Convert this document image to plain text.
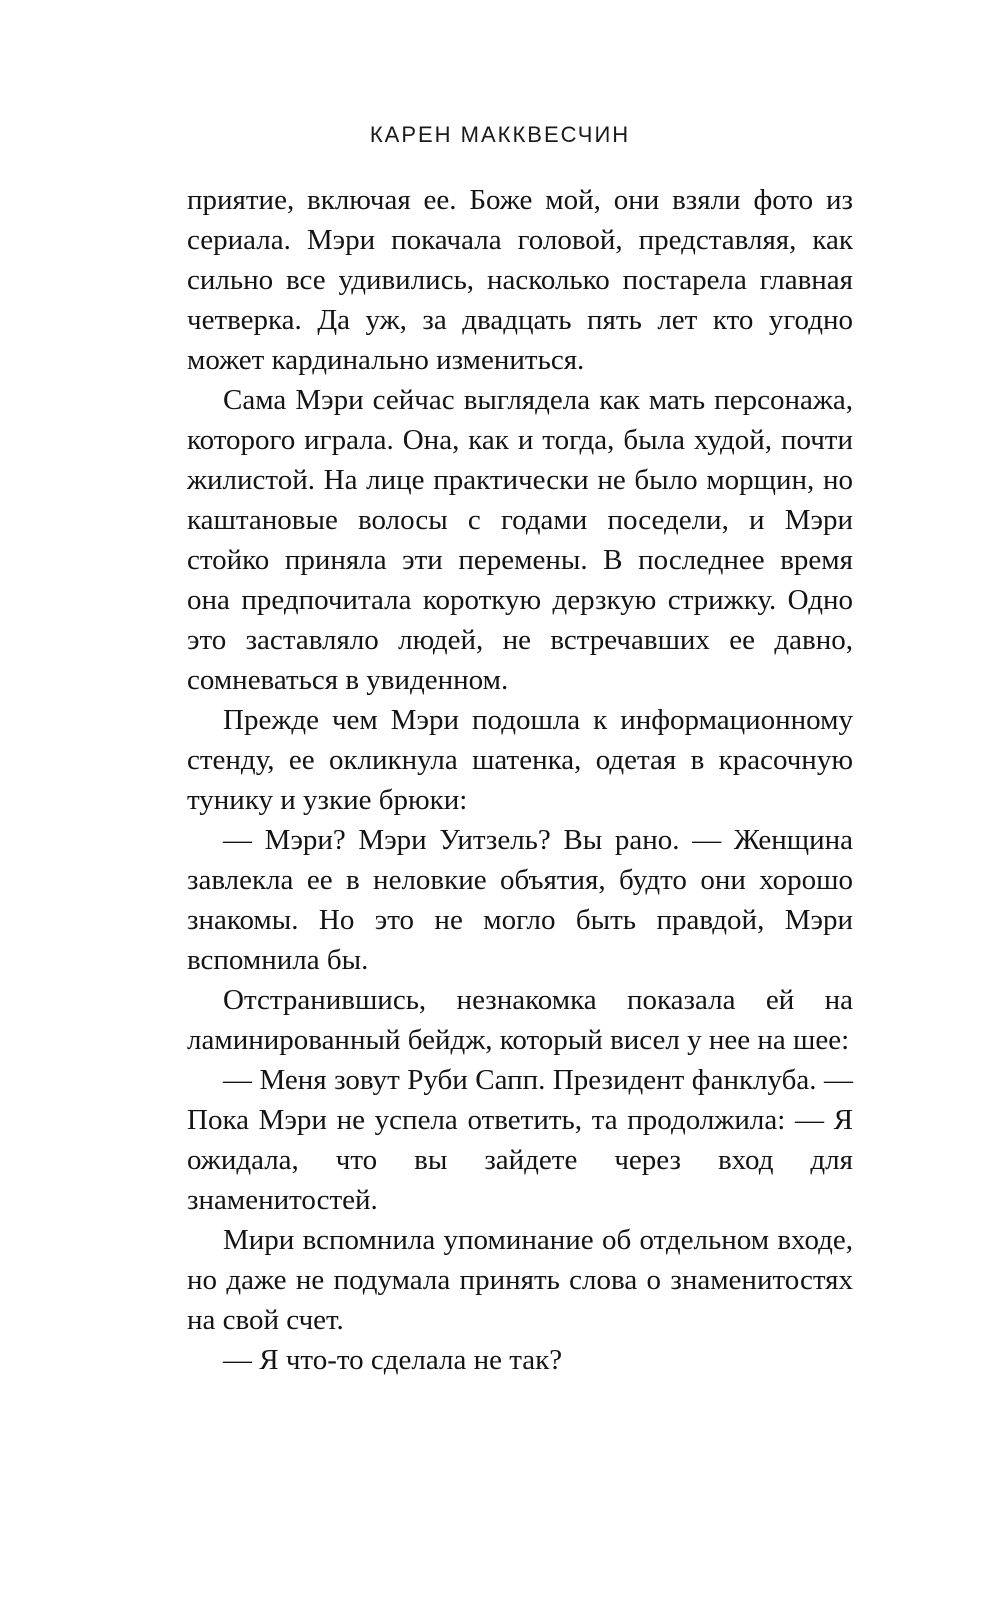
КАРЕН МАККВЕСЧИН

приятие, включая ее. Боже мой, они взяли фото из сериала. Мэри покачала головой, представляя, как сильно все удивились, насколько постарела главная четверка. Да уж, за двадцать пять лет кто угодно может кардинально измениться.

Сама Мэри сейчас выглядела как мать персонажа, которого играла. Она, как и тогда, была худой, почти жилистой. На лице практически не было морщин, но каштановые волосы с годами поседели, и Мэри стойко приняла эти перемены. В последнее время она предпочитала короткую дерзкую стрижку. Одно это заставляло людей, не встречавших ее давно, сомневаться в увиденном.

Прежде чем Мэри подошла к информационному стенду, ее окликнула шатенка, одетая в красочную тунику и узкие брюки:

— Мэри? Мэри Уитзель? Вы рано. — Женщина завлекла ее в неловкие объятия, будто они хорошо знакомы. Но это не могло быть правдой, Мэри вспомнила бы.

Отстранившись, незнакомка показала ей на ламинированный бейдж, который висел у нее на шее:

— Меня зовут Руби Сапп. Президент фанклуба. — Пока Мэри не успела ответить, та продолжила: — Я ожидала, что вы зайдете через вход для знаменитостей.

Мири вспомнила упоминание об отдельном входе, но даже не подумала принять слова о знаменитостях на свой счет.

— Я что-то сделала не так?
